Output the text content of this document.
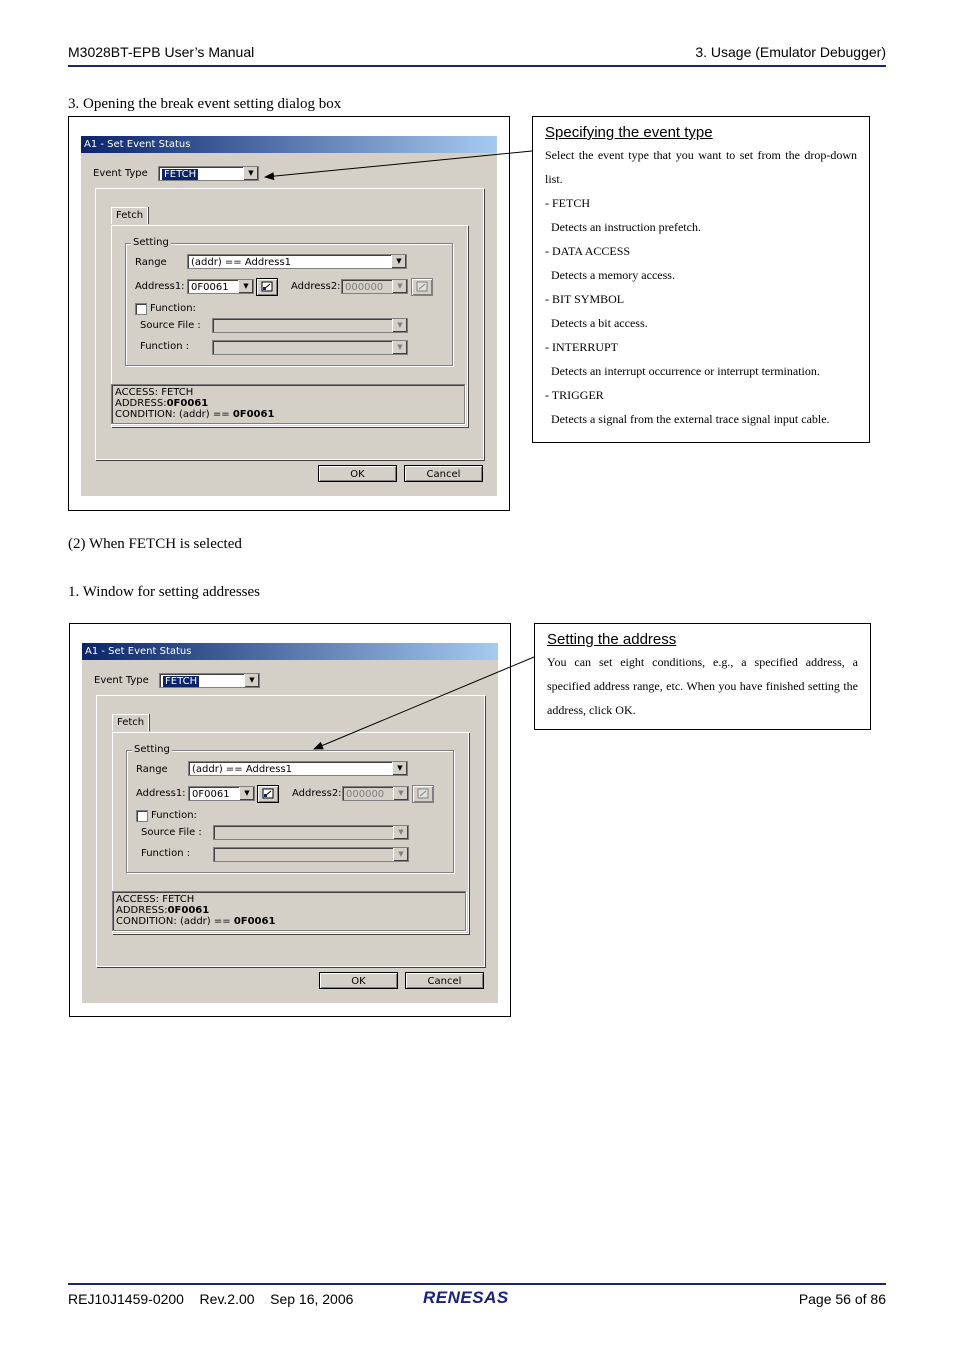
M3028BT-EPB User’s Manual	3. Usage (Emulator Debugger)
3. Opening the break event setting dialog box
A1 - Set Event Status
Event Type	FETCH	▼
Fetch
Setting
Range	(addr) == Address1	▼
Address1: 0F0061	▼	Address2: 000000	▼
Function:
Source File :	▼
Function :	▼
ACCESS: FETCH
ADDRESS:0F0061
CONDITION: (addr) == 0F0061
OK	Cancel
Specifying the event type

Select the event type that you want to set from the drop-down list.

- FETCH

Detects an instruction prefetch.

- DATA ACCESS

Detects a memory access.

- BIT SYMBOL

Detects a bit access.

- INTERRUPT

Detects an interrupt occurrence or interrupt termination.

- TRIGGER

Detects a signal from the external trace signal input cable.

(2) When FETCH is selected
1. Window for setting addresses
A1 - Set Event Status
Event Type	FETCH	▼
Fetch
Setting
Range	(addr) == Address1	▼
Address1: 0F0061	▼	Address2: 000000	▼
Function:
Source File :	▼
Function :	▼
ACCESS: FETCH
ADDRESS:0F0061
CONDITION: (addr) == 0F0061
OK	Cancel
Setting the address

You can set eight conditions, e.g., a specified address, a specified address range, etc. When you have finished setting the address, click OK.

REJ10J1459-0200 Rev.2.00 Sep 16, 2006	RENESAS	Page 56 of 86
